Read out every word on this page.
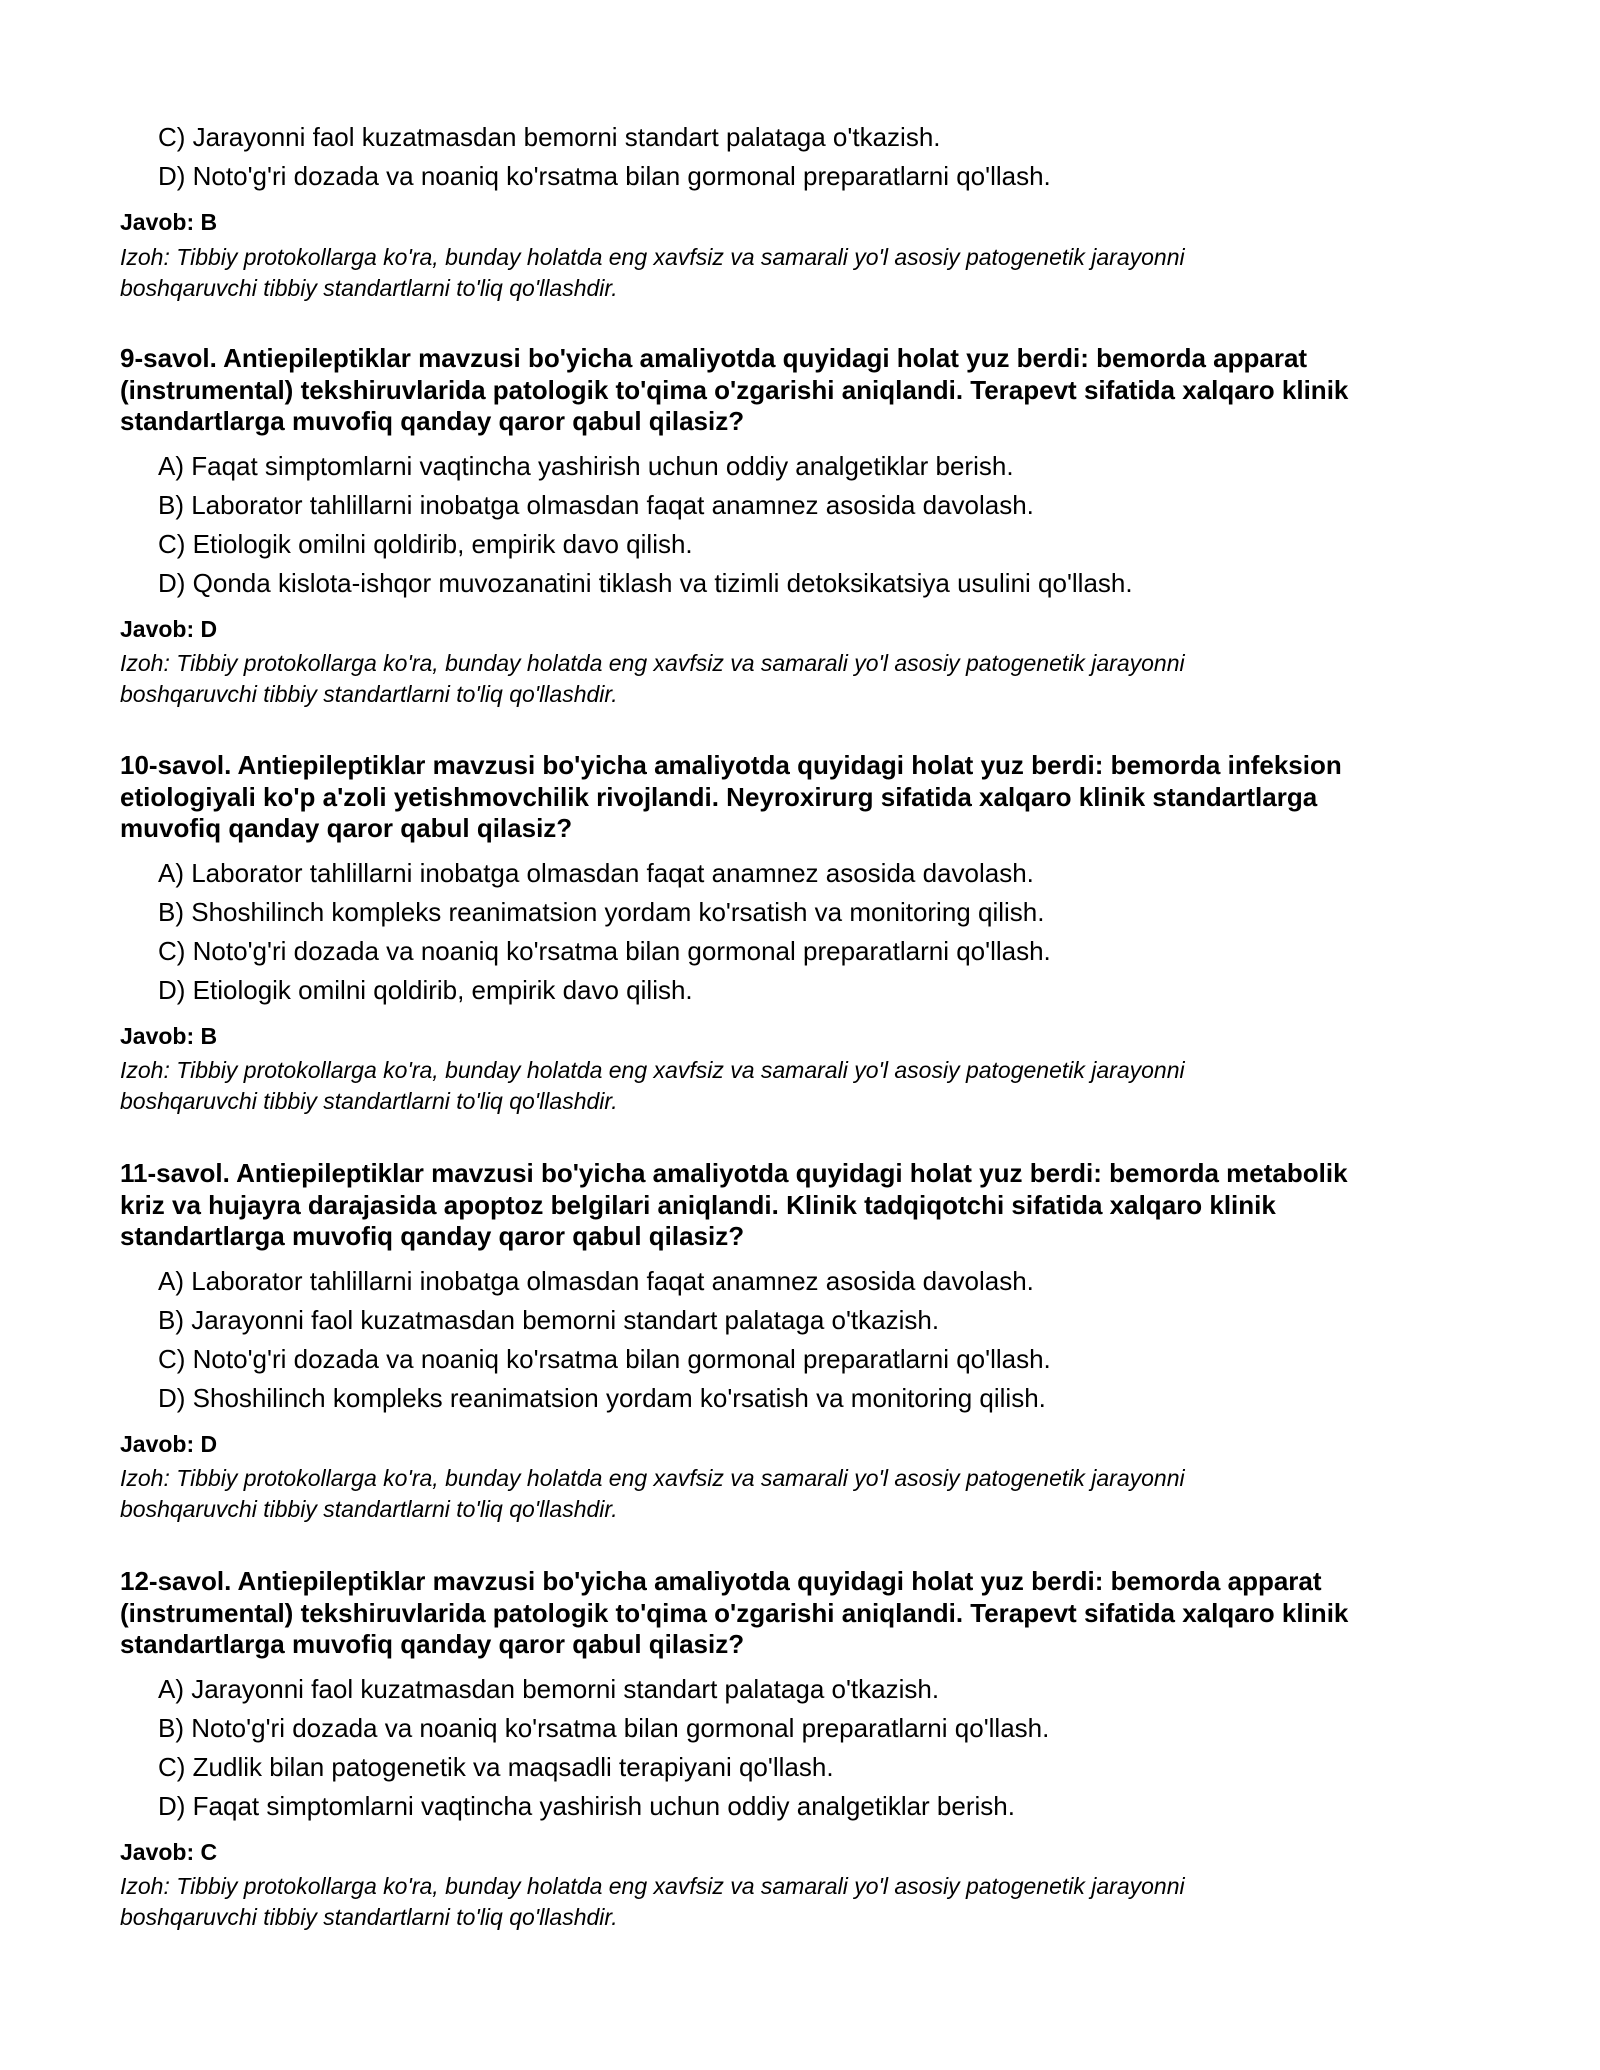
C) Jarayonni faol kuzatmasdan bemorni standart palataga o'tkazish.
D) Noto'g'ri dozada va noaniq ko'rsatma bilan gormonal preparatlarni qo'llash.
Javob: B
Izoh: Tibbiy protokollarga ko'ra, bunday holatda eng xavfsiz va samarali yo'l asosiy patogenetik jarayonni
boshqaruvchi tibbiy standartlarni to'liq qo'llashdir.
9-savol. Antiepileptiklar mavzusi bo'yicha amaliyotda quyidagi holat yuz berdi: bemorda apparat
(instrumental) tekshiruvlarida patologik to'qima o'zgarishi aniqlandi. Terapevt sifatida xalqaro klinik
standartlarga muvofiq qanday qaror qabul qilasiz?
A) Faqat simptomlarni vaqtincha yashirish uchun oddiy analgetiklar berish.
B) Laborator tahlillarni inobatga olmasdan faqat anamnez asosida davolash.
C) Etiologik omilni qoldirib, empirik davo qilish.
D) Qonda kislota-ishqor muvozanatini tiklash va tizimli detoksikatsiya usulini qo'llash.
Javob: D
Izoh: Tibbiy protokollarga ko'ra, bunday holatda eng xavfsiz va samarali yo'l asosiy patogenetik jarayonni
boshqaruvchi tibbiy standartlarni to'liq qo'llashdir.
10-savol. Antiepileptiklar mavzusi bo'yicha amaliyotda quyidagi holat yuz berdi: bemorda infeksion
etiologiyali ko'p a'zoli yetishmovchilik rivojlandi. Neyroxirurg sifatida xalqaro klinik standartlarga
muvofiq qanday qaror qabul qilasiz?
A) Laborator tahlillarni inobatga olmasdan faqat anamnez asosida davolash.
B) Shoshilinch kompleks reanimatsion yordam ko'rsatish va monitoring qilish.
C) Noto'g'ri dozada va noaniq ko'rsatma bilan gormonal preparatlarni qo'llash.
D) Etiologik omilni qoldirib, empirik davo qilish.
Javob: B
Izoh: Tibbiy protokollarga ko'ra, bunday holatda eng xavfsiz va samarali yo'l asosiy patogenetik jarayonni
boshqaruvchi tibbiy standartlarni to'liq qo'llashdir.
11-savol. Antiepileptiklar mavzusi bo'yicha amaliyotda quyidagi holat yuz berdi: bemorda metabolik
kriz va hujayra darajasida apoptoz belgilari aniqlandi. Klinik tadqiqotchi sifatida xalqaro klinik
standartlarga muvofiq qanday qaror qabul qilasiz?
A) Laborator tahlillarni inobatga olmasdan faqat anamnez asosida davolash.
B) Jarayonni faol kuzatmasdan bemorni standart palataga o'tkazish.
C) Noto'g'ri dozada va noaniq ko'rsatma bilan gormonal preparatlarni qo'llash.
D) Shoshilinch kompleks reanimatsion yordam ko'rsatish va monitoring qilish.
Javob: D
Izoh: Tibbiy protokollarga ko'ra, bunday holatda eng xavfsiz va samarali yo'l asosiy patogenetik jarayonni
boshqaruvchi tibbiy standartlarni to'liq qo'llashdir.
12-savol. Antiepileptiklar mavzusi bo'yicha amaliyotda quyidagi holat yuz berdi: bemorda apparat
(instrumental) tekshiruvlarida patologik to'qima o'zgarishi aniqlandi. Terapevt sifatida xalqaro klinik
standartlarga muvofiq qanday qaror qabul qilasiz?
A) Jarayonni faol kuzatmasdan bemorni standart palataga o'tkazish.
B) Noto'g'ri dozada va noaniq ko'rsatma bilan gormonal preparatlarni qo'llash.
C) Zudlik bilan patogenetik va maqsadli terapiyani qo'llash.
D) Faqat simptomlarni vaqtincha yashirish uchun oddiy analgetiklar berish.
Javob: C
Izoh: Tibbiy protokollarga ko'ra, bunday holatda eng xavfsiz va samarali yo'l asosiy patogenetik jarayonni
boshqaruvchi tibbiy standartlarni to'liq qo'llashdir.
